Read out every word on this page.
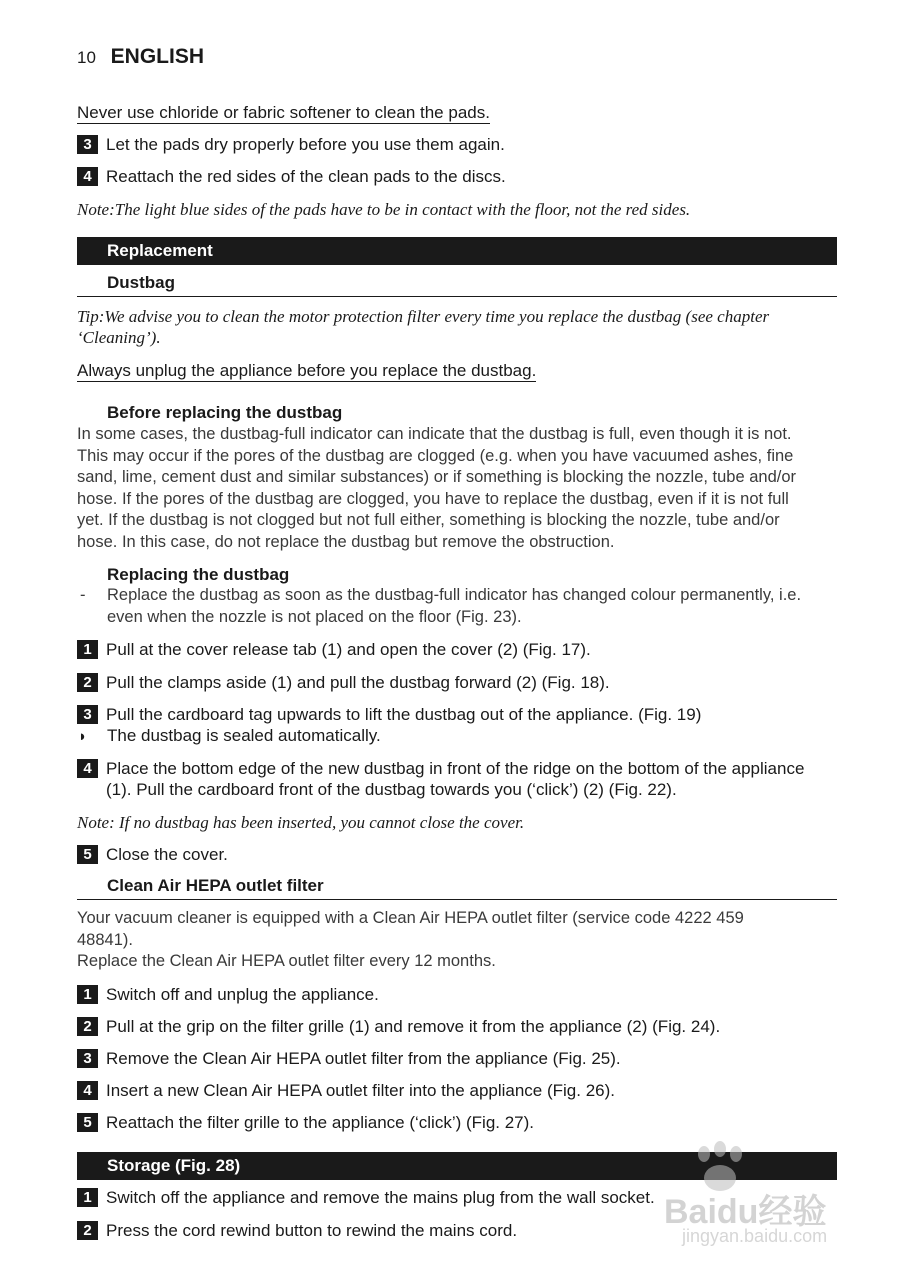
10 ENGLISH
Never use chloride or fabric softener to clean the pads.
3 Let the pads dry properly before you use them again.
4 Reattach the red sides of the clean pads to the discs.
Note:The light blue sides of the pads have to be in contact with the floor, not the red sides.
Replacement
Dustbag
Tip:We advise you to clean the motor protection filter every time you replace the dustbag (see chapter ‘Cleaning’).
Always unplug the appliance before you replace the dustbag.
Before replacing the dustbag
In some cases, the dustbag-full indicator can indicate that the dustbag is full, even though it is not. This may occur if the pores of the dustbag are clogged (e.g. when you have vacuumed ashes, fine sand, lime, cement dust and similar substances) or if something is blocking the nozzle, tube and/or hose. If the pores of the dustbag are clogged, you have to replace the dustbag, even if it is not full yet. If the dustbag is not clogged but not full either, something is blocking the nozzle, tube and/or hose. In this case, do not replace the dustbag but remove the obstruction.
Replacing the dustbag
- Replace the dustbag as soon as the dustbag-full indicator has changed colour permanently, i.e. even when the nozzle is not placed on the floor (Fig. 23).
1 Pull at the cover release tab (1) and open the cover (2) (Fig. 17).
2 Pull the clamps aside (1) and pull the dustbag forward (2) (Fig. 18).
3 Pull the cardboard tag upwards to lift the dustbag out of the appliance. (Fig. 19)
◗ The dustbag is sealed automatically.
4 Place the bottom edge of the new dustbag in front of the ridge on the bottom of the appliance (1). Pull the cardboard front of the dustbag towards you (‘click’) (2) (Fig. 22).
Note: If no dustbag has been inserted, you cannot close the cover.
5 Close the cover.
Clean Air HEPA outlet filter
Your vacuum cleaner is equipped with a Clean Air HEPA outlet filter (service code 4222 459 48841).
Replace the Clean Air HEPA outlet filter every 12 months.
1 Switch off and unplug the appliance.
2 Pull at the grip on the filter grille (1) and remove it from the appliance (2) (Fig. 24).
3 Remove the Clean Air HEPA outlet filter from the appliance (Fig. 25).
4 Insert a new Clean Air HEPA outlet filter into the appliance (Fig. 26).
5 Reattach the filter grille to the appliance (‘click’) (Fig. 27).
Storage (Fig. 28)
1 Switch off the appliance and remove the mains plug from the wall socket.
2 Press the cord rewind button to rewind the mains cord.	Baidu经验
jingyan.baidu.com
